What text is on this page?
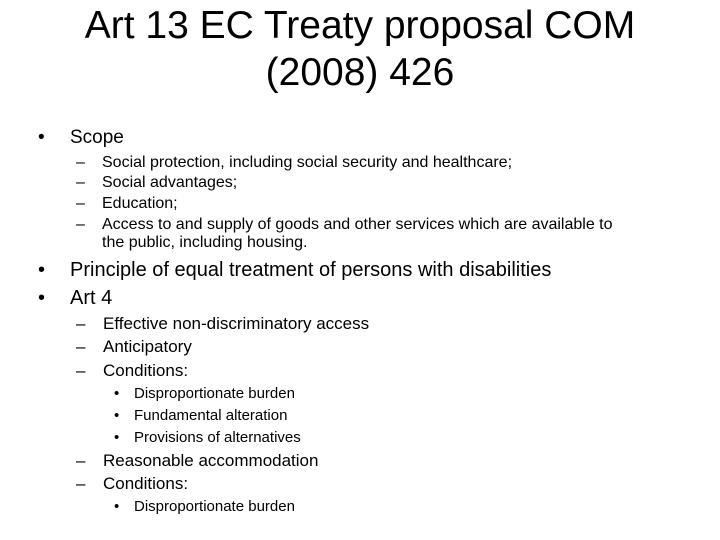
Art 13 EC Treaty proposal COM
(2008) 426
• Scope
– Social protection, including social security and healthcare;
– Social advantages;
– Education;
– Access to and supply of goods and other services which are available to
the public, including housing.
• Principle of equal treatment of persons with disabilities
• Art 4
– Effective non-discriminatory access
– Anticipatory
– Conditions:
• Disproportionate burden
• Fundamental alteration
• Provisions of alternatives
– Reasonable accommodation
– Conditions:
• Disproportionate burden
